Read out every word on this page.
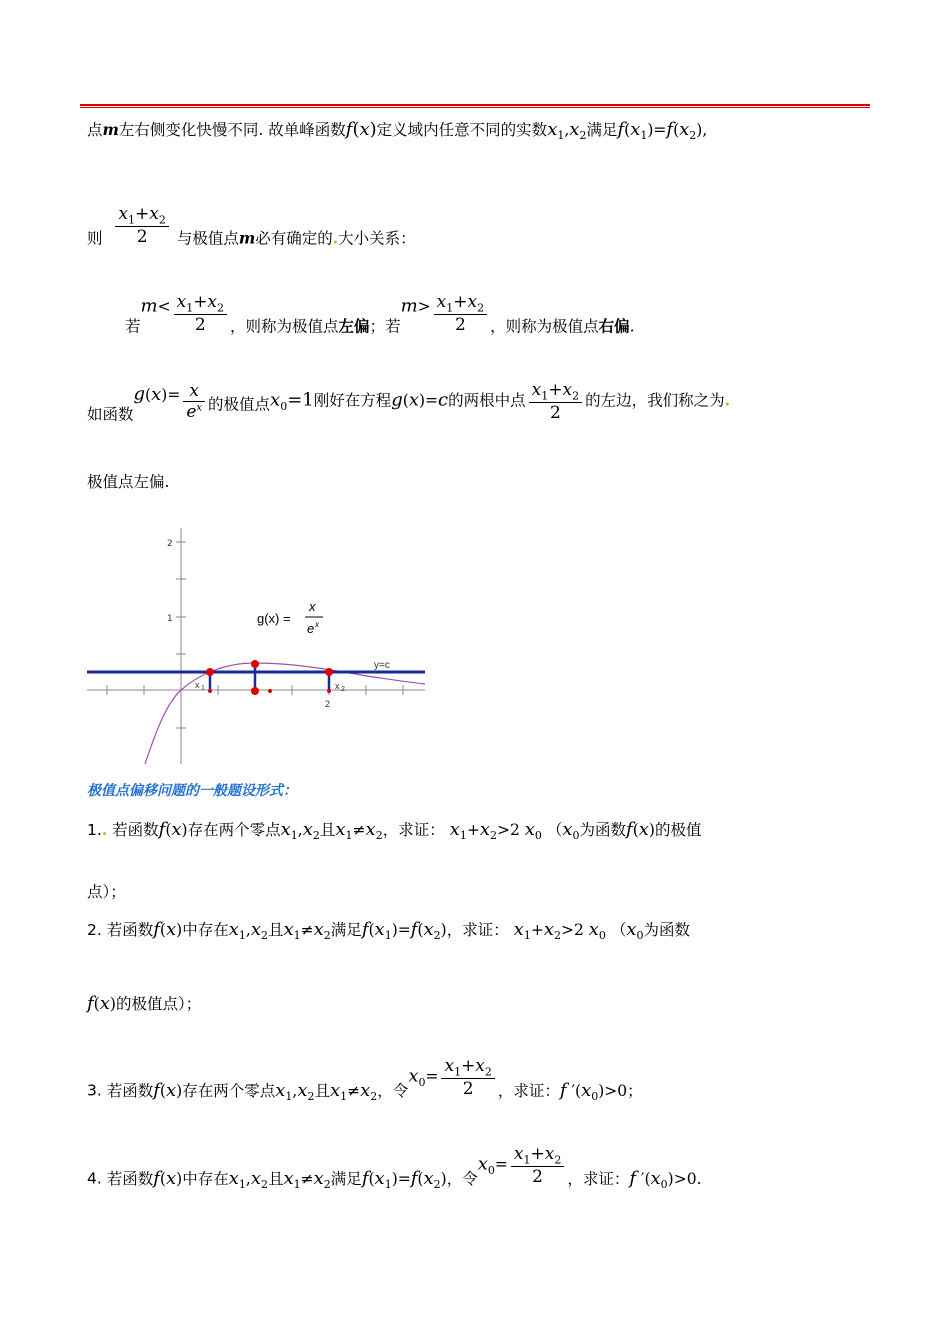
点m左右侧变化快慢不同. 故单峰函数f(x)定义域内任意不同的实数$x_1,x_2$满足$f(x_1)=f(x_2)$,
则 $\frac{x_1+x_2}{2}$ 与极值点m必有确定的.大小关系：
若$m< \frac{x_1+x_2}{2}$ ，则称为极值点左偏；若$m> \frac{x_1+x_2}{2}$ ，则称为极值点右偏.
如函数$g(x)= \frac{x}{e^x}$ 的极值点$x_0=1$刚好在方程g(x)=c的两根中点 $\frac{x_1+x_2}{2}$ 的左边，我们称之为.
极值点左偏.
2
1	g(x) =
x
e x
y=c
x 1	x 2
2
极值点偏移问题的一般题设形式：
1.. 若函数f(x)存在两个零点$x_1,x_2$且$x_1\ne x_2$，求证： $x_1+x_2>2$ $x_0$ （$x_0$为函数f(x)的极值
点）；
2. 若函数f(x)中存在$x_1,x_2$且$x_1\ne x_2$满足$f(x_1)=f(x_2)$，求证： $x_1+x_2>2$ $x_0$ （$x_0$为函数
f(x)的极值点）；
3. 若函数f(x)存在两个零点$x_1,x_2$且$x_1\ne x_2$，令$x_0= \frac{x_1+x_2}{2}$ ，求证：f $'(x_0)>0$；
4. 若函数f(x)中存在$x_1,x_2$且$x_1\ne x_2$满足$f(x_1)=f(x_2)$，令$x_0= \frac{x_1+x_2}{2}$ ，求证：f $'(x_0)>0$.
